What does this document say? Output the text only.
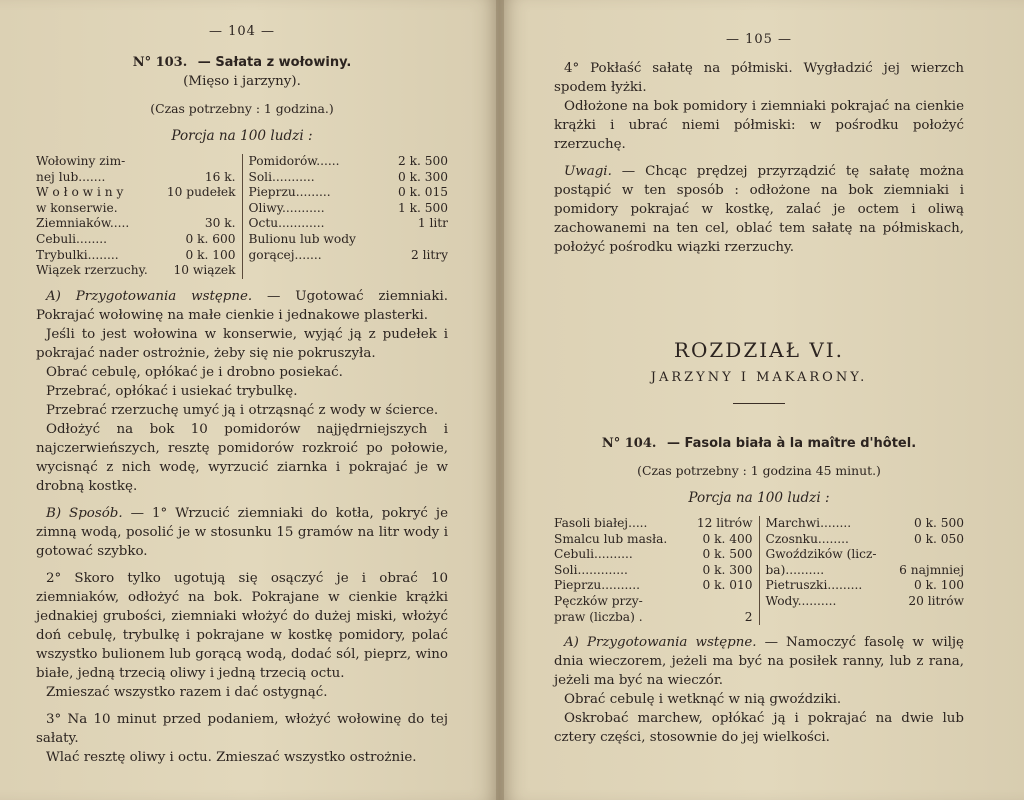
— 104 —
N° 103. — Sałata z wołowiny.
(Mięso i jarzyny).
(Czas potrzebny : 1 godzina.)
Porcja na 100 ludzi :
Wołowiny zim-
nej lub.......	16 k.
W o ł o w i n y	10 pudełek
w konserwie.
Ziemniaków.....	30 k.
Cebuli........	0 k. 600
Trybulki........	0 k. 100
Wiązek rzerzuchy.	10 wiązek
Pomidorów......	2 k. 500
Soli...........	0 k. 300
Pieprzu.........	0 k. 015
Oliwy...........	1 k. 500
Octu............	1 litr
Bulionu lub wody
gorącej.......	2 litry

A) Przygotowania wstępne. — Ugotować ziemniaki. Pokrajać wołowinę na małe cienkie i jednakowe plasterki.

Jeśli to jest wołowina w konserwie, wyjąć ją z pudełek i pokrajać nader ostrożnie, żeby się nie pokruszyła.

Obrać cebulę, opłókać je i drobno posiekać.

Przebrać, opłókać i usiekać trybulkę.

Przebrać rzerzuchę umyć ją i otrząsnąć z wody w ścierce.

Odłożyć na bok 10 pomidorów najjędrniejszych i najczerwieńszych, resztę pomidorów rozkroić po połowie, wycisnąć z nich wodę, wyrzucić ziarnka i pokrajać je w drobną kostkę.

B) Sposób. — 1° Wrzucić ziemniaki do kotła, pokryć je zimną wodą, posolić je w stosunku 15 gramów na litr wody i gotować szybko.

2° Skoro tylko ugotują się osączyć je i obrać 10 ziemniaków, odłożyć na bok. Pokrajane w cienkie krążki jednakiej grubości, ziemniaki włożyć do dużej miski, włożyć doń cebulę, trybulkę i pokrajane w kostkę pomidory, polać wszystko bulionem lub gorącą wodą, dodać sól, pieprz, wino białe, jedną trzecią oliwy i jedną trzecią octu.

Zmieszać wszystko razem i dać ostygnąć.

3° Na 10 minut przed podaniem, włożyć wołowinę do tej sałaty.

Wlać resztę oliwy i octu. Zmieszać wszystko ostrożnie.

— 105 —

4° Pokłaść sałatę na półmiski. Wygładzić jej wierzch spodem łyżki.

Odłożone na bok pomidory i ziemniaki pokrajać na cienkie krążki i ubrać niemi półmiski: w pośrodku położyć rzerzuchę.

Uwagi. — Chcąc prędzej przyrządzić tę sałatę można postąpić w ten sposób : odłożone na bok ziemniaki i pomidory pokrajać w kostkę, zalać je octem i oliwą zachowanemi na ten cel, oblać tem sałatę na półmiskach, położyć pośrodku wiązki rzerzuchy.

ROZDZIAŁ VI.
JARZYNY I MAKARONY.
N° 104. — Fasola biała à la maître d'hôtel.
(Czas potrzebny : 1 godzina 45 minut.)
Porcja na 100 ludzi :
Fasoli białej.....	12 litrów
Smalcu lub masła.	0 k. 400
Cebuli..........	0 k. 500
Soli.............	0 k. 300
Pieprzu..........	0 k. 010
Pęczków przy-
praw (liczba) .	2
Marchwi........	0 k. 500
Czosnku........	0 k. 050
Gwoździków (licz-
ba)..........	6 najmniej
Pietruszki.........	0 k. 100
Wody..........	20 litrów

A) Przygotowania wstępne. — Namoczyć fasolę w wilję dnia wieczorem, jeżeli ma być na posiłek ranny, lub z rana, jeżeli ma być na wieczór.

Obrać cebulę i wetknąć w nią gwoździki.

Oskrobać marchew, opłókać ją i pokrajać na dwie lub cztery części, stosownie do jej wielkości.
